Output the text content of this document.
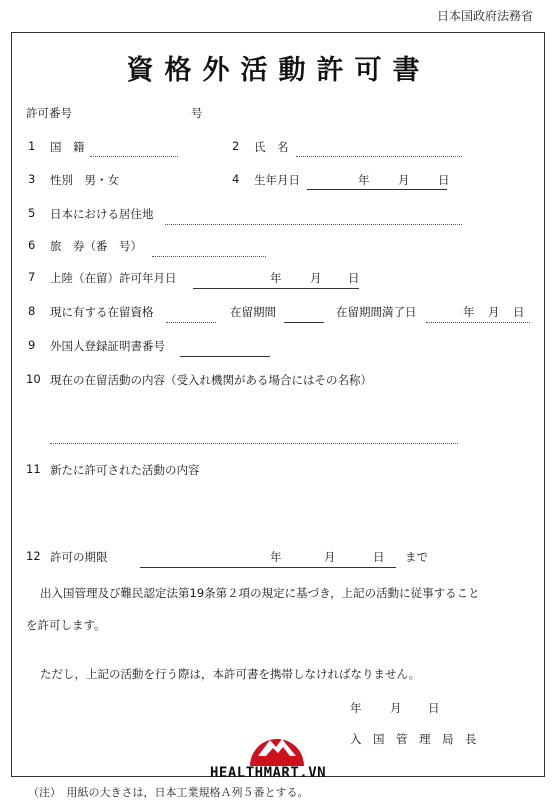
日本国政府法務省
資格外活動許可書
許可番号	号
1 国　籍	2 氏　名
3 性別　男・女	4 生年月日	年 月 日
5 日本における居住地
6 旅　券（番　号）
7 上陸（在留）許可年月日	年 月 日
8 現に有する在留資格	在留期間	在留期間満了日	年 月 日
9 外国人登録証明書番号
10 現在の在留活動の内容（受入れ機関がある場合にはその名称）
11 新たに許可された活動の内容
12 許可の期限	年	月	日 まで
出入国管理及び難民認定法第19条第２項の規定に基づき，上記の活動に従事すること
を許可します。
ただし，上記の活動を行う際は，本許可書を携帯しなければなりません。
年 月 日
入　国　管　理　局　長
HEALTHMART.VN
（注）　用紙の大きさは，日本工業規格Ａ列５番とする。
